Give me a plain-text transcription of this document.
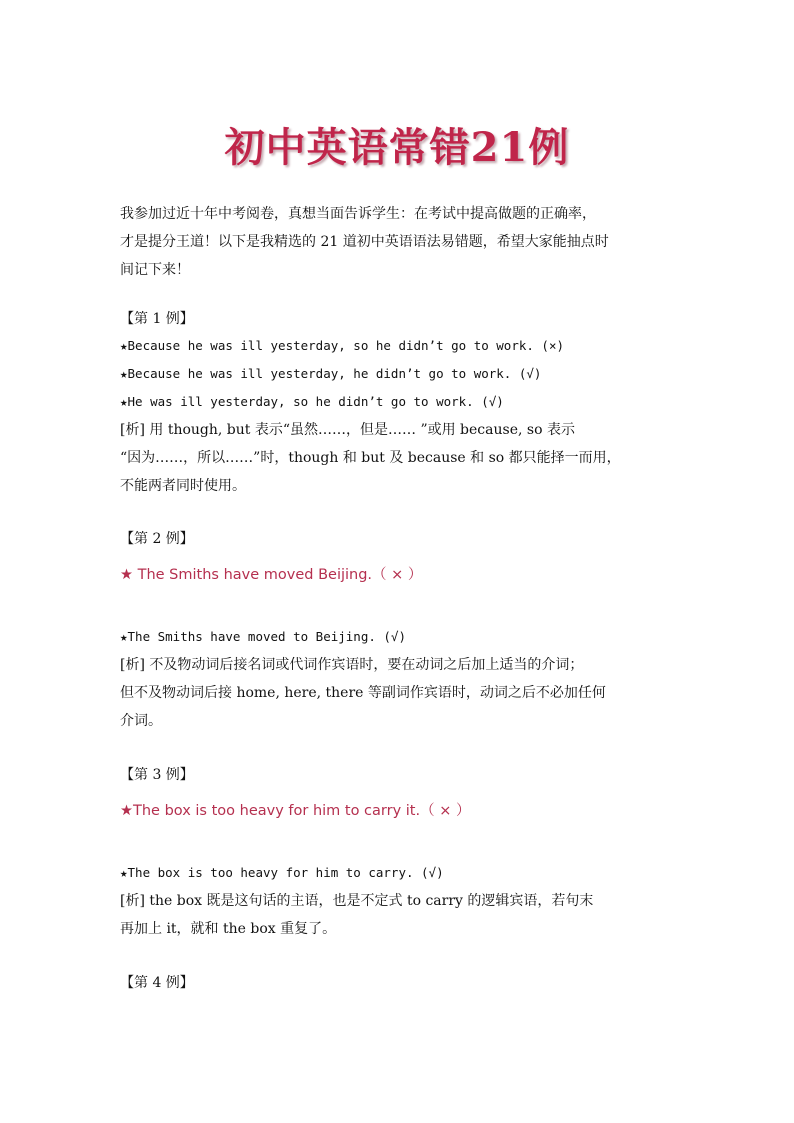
初中英语常错21例

我参加过近十年中考阅卷，真想当面告诉学生：在考试中提高做题的正确率，

才是提分王道！以下是我精选的 21 道初中英语语法易错题，希望大家能抽点时

间记下来！

【第 1 例】
★Because he was ill yesterday, so he didn’t go to work. (×)
★Because he was ill yesterday, he didn’t go to work. (√)
★He was ill yesterday, so he didn’t go to work. (√)
[析] 用 though, but 表示“虽然……，但是…… ”或用 because, so 表示
“因为……，所以……”时，though 和 but 及 because 和 so 都只能择一而用，
不能两者同时使用。
【第 2 例】
★ The Smiths have moved Beijing.（ × ）
★The Smiths have moved to Beijing. (√)
[析] 不及物动词后接名词或代词作宾语时，要在动词之后加上适当的介词；
但不及物动词后接 home, here, there 等副词作宾语时，动词之后不必加任何
介词。
【第 3 例】
★The box is too heavy for him to carry it.（ × ）
★The box is too heavy for him to carry. (√)
[析] the box 既是这句话的主语，也是不定式 to carry 的逻辑宾语，若句末
再加上 it，就和 the box 重复了。
【第 4 例】
